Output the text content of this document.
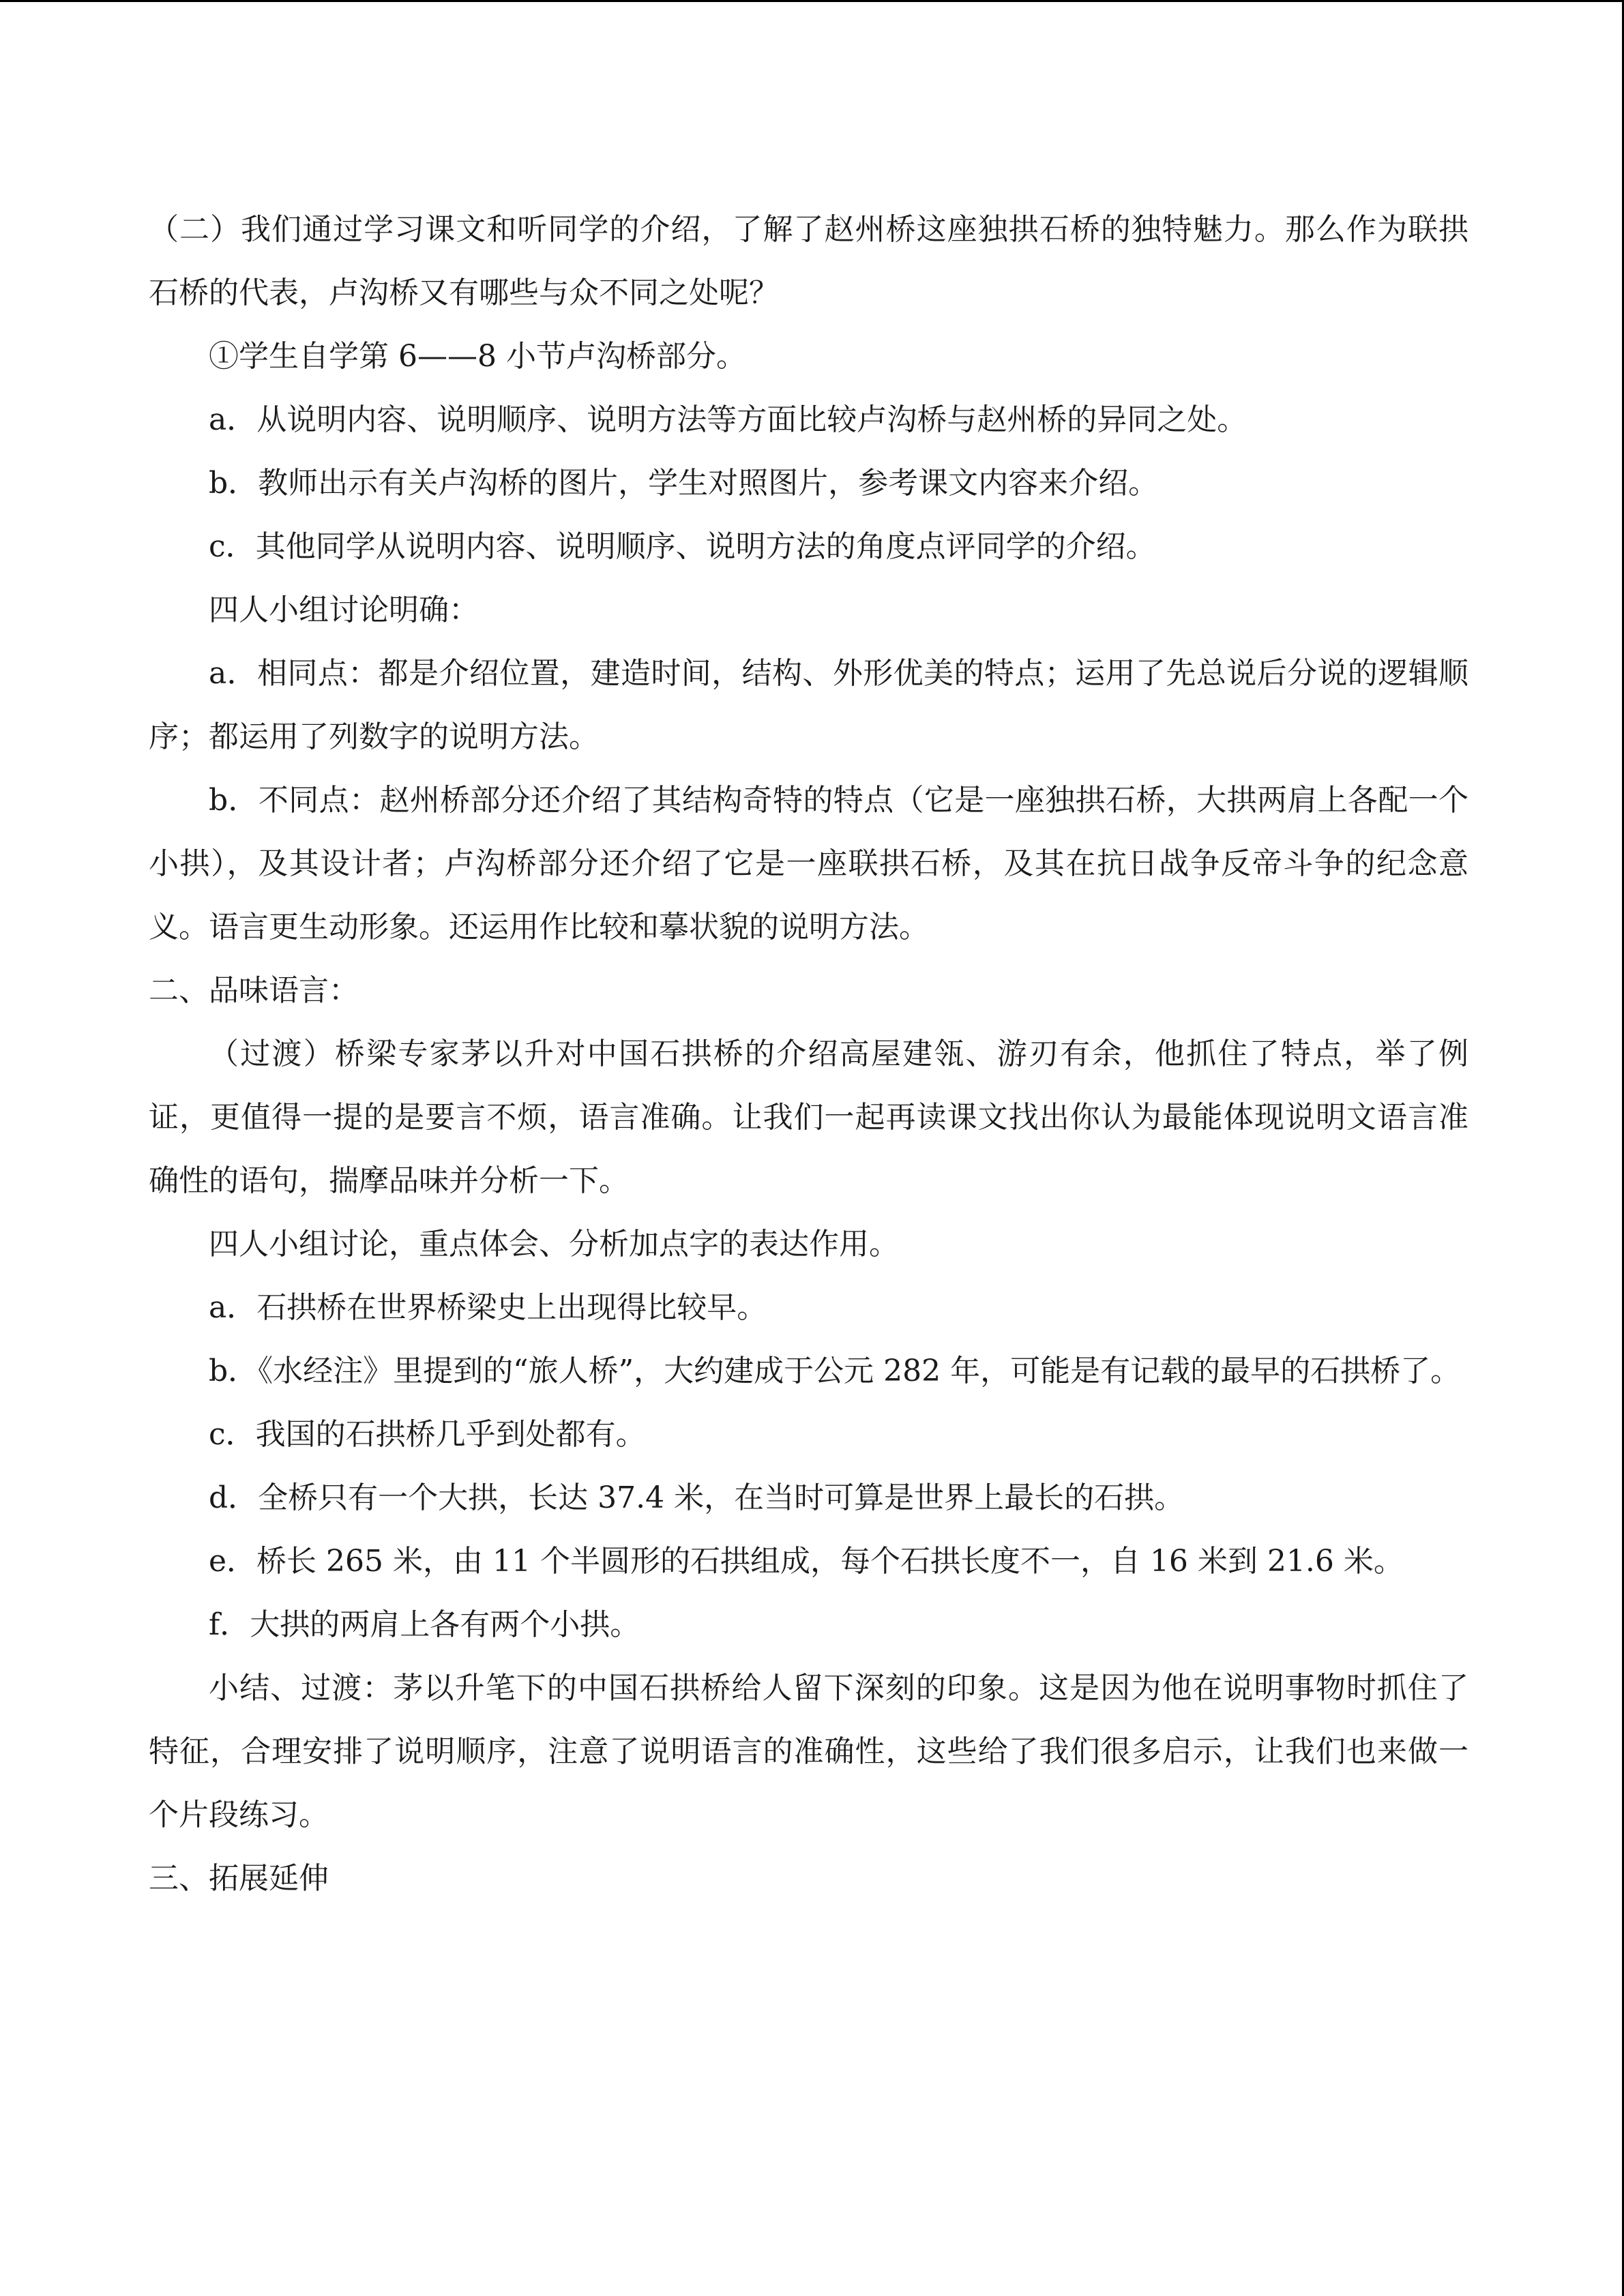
（二）我们通过学习课文和听同学的介绍，了解了赵州桥这座独拱石桥的独特魅力。那么作为联拱石桥的代表，卢沟桥又有哪些与众不同之处呢？

①学生自学第 6——8 小节卢沟桥部分。

a．从说明内容、说明顺序、说明方法等方面比较卢沟桥与赵州桥的异同之处。

b．教师出示有关卢沟桥的图片，学生对照图片，参考课文内容来介绍。

c．其他同学从说明内容、说明顺序、说明方法的角度点评同学的介绍。

四人小组讨论明确：

a．相同点：都是介绍位置，建造时间，结构、外形优美的特点；运用了先总说后分说的逻辑顺序；都运用了列数字的说明方法。

b．不同点：赵州桥部分还介绍了其结构奇特的特点（它是一座独拱石桥，大拱两肩上各配一个小拱），及其设计者；卢沟桥部分还介绍了它是一座联拱石桥，及其在抗日战争反帝斗争的纪念意义。语言更生动形象。还运用作比较和摹状貌的说明方法。

二、品味语言：

（过渡）桥梁专家茅以升对中国石拱桥的介绍高屋建瓴、游刃有余，他抓住了特点，举了例证，更值得一提的是要言不烦，语言准确。让我们一起再读课文找出你认为最能体现说明文语言准确性的语句，揣摩品味并分析一下。

四人小组讨论，重点体会、分析加点字的表达作用。

a．石拱桥在世界桥梁史上出现得比较早。

b．《水经注》里提到的“旅人桥”，大约建成于公元 282 年，可能是有记载的最早的石拱桥了。

c．我国的石拱桥几乎到处都有。

d．全桥只有一个大拱，长达 37.4 米，在当时可算是世界上最长的石拱。

e．桥长 265 米，由 11 个半圆形的石拱组成，每个石拱长度不一，自 16 米到 21.6 米。

f．大拱的两肩上各有两个小拱。

小结、过渡：茅以升笔下的中国石拱桥给人留下深刻的印象。这是因为他在说明事物时抓住了特征，合理安排了说明顺序，注意了说明语言的准确性，这些给了我们很多启示，让我们也来做一个片段练习。

三、拓展延伸
